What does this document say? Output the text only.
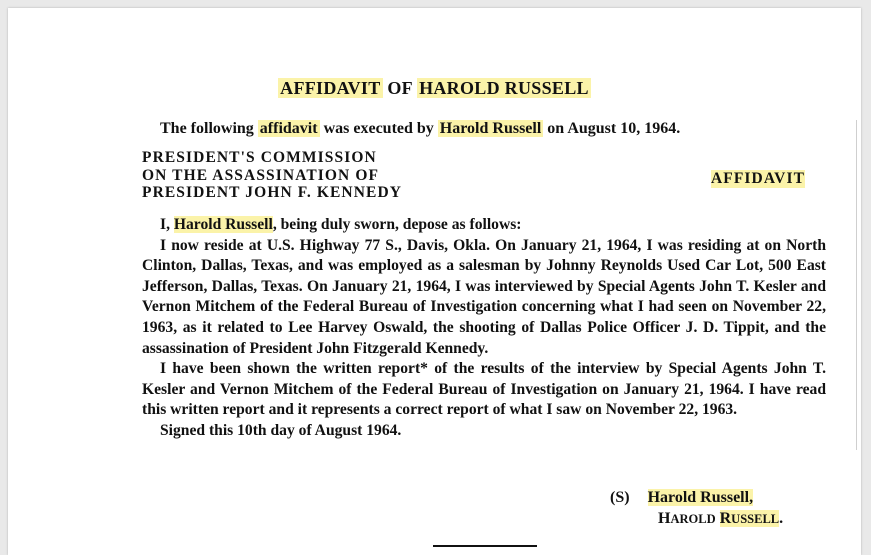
AFFIDAVIT OF HAROLD RUSSELL
The following affidavit was executed by Harold Russell on August 10, 1964.
PRESIDENT'S COMMISSION
ON THE ASSASSINATION OF
PRESIDENT JOHN F. KENNEDY
AFFIDAVIT

I, Harold Russell, being duly sworn, depose as follows:

I now reside at U.S. Highway 77 S., Davis, Okla. On January 21, 1964, I was residing at on North Clinton, Dallas, Texas, and was employed as a salesman by Johnny Reynolds Used Car Lot, 500 East Jefferson, Dallas, Texas. On January 21, 1964, I was interviewed by Special Agents John T. Kesler and Vernon Mitchem of the Federal Bureau of Investigation concerning what I had seen on November 22, 1963, as it related to Lee Harvey Oswald, the shooting of Dallas Police Officer J. D. Tippit, and the assassination of President John Fitzgerald Kennedy.

I have been shown the written report* of the results of the interview by Special Agents John T. Kesler and Vernon Mitchem of the Federal Bureau of Investigation on January 21, 1964. I have read this written report and it represents a correct report of what I saw on November 22, 1963.

Signed this 10th day of August 1964.

(S) Harold Russell,
HAROLD RUSSELL.
